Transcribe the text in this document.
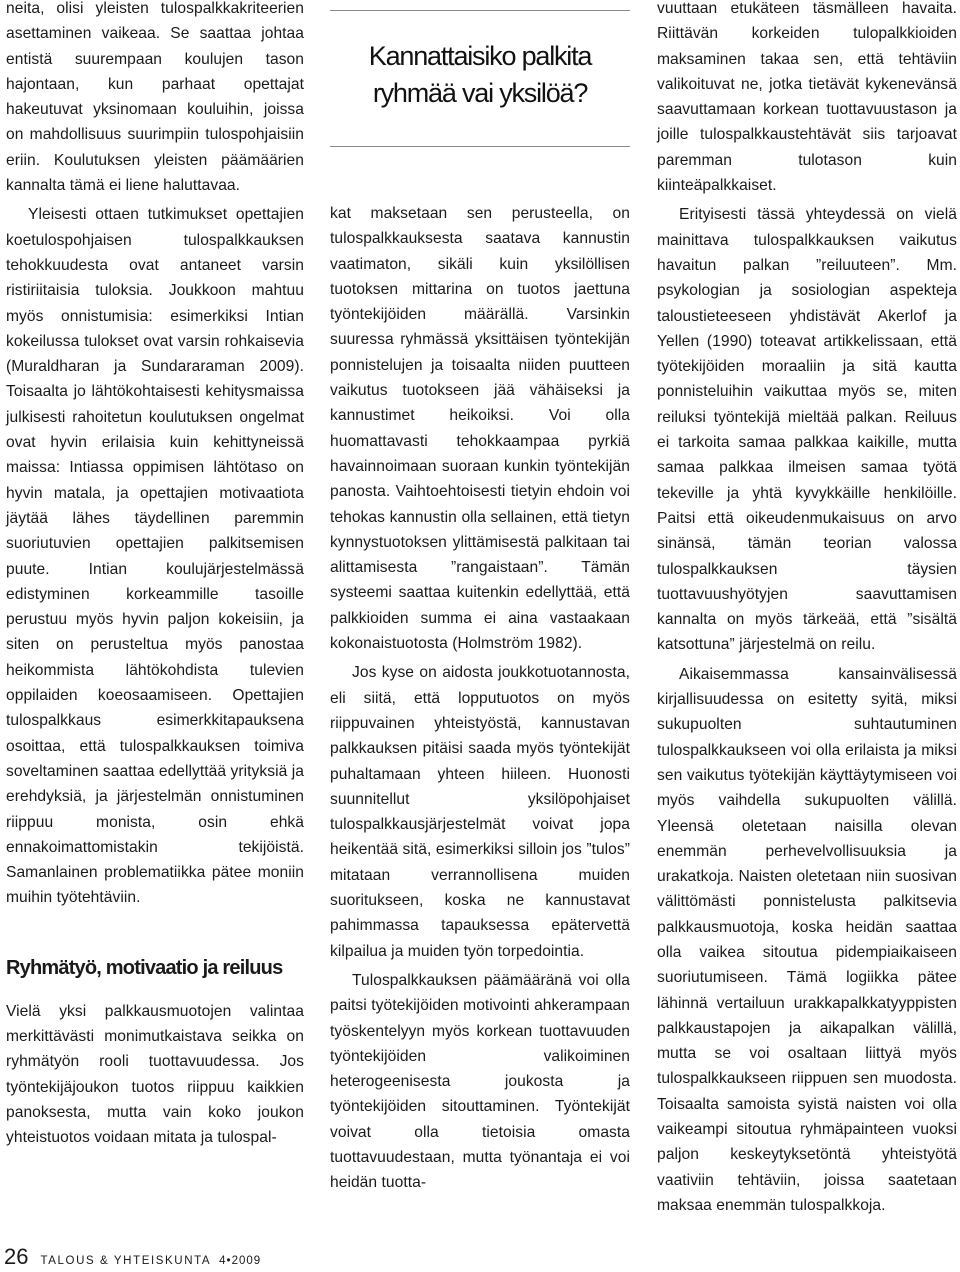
neita, olisi yleisten tulospalkkakriteerien asettaminen vaikeaa. Se saattaa johtaa entistä suurempaan koulujen tason hajontaan, kun parhaat opettajat hakeutuvat yksinomaan kouluihin, joissa on mahdollisuus suurimpiin tulospohjaisiin eriin. Koulutuksen yleisten päämäärien kannalta tämä ei liene haluttavaa.

Yleisesti ottaen tutkimukset opettajien koetulospohjaisen tulospalkkauksen tehokkuudesta ovat antaneet varsin ristiriitaisia tuloksia. Joukkoon mahtuu myös onnistumisia: esimerkiksi Intian kokeilussa tulokset ovat varsin rohkaisevia (Muraldharan ja Sundararaman 2009). Toisaalta jo lähtökohtaisesti kehitysmaissa julkisesti rahoitetun koulutuksen ongelmat ovat hyvin erilaisia kuin kehittyneissä maissa: Intiassa oppimisen lähtötaso on hyvin matala, ja opettajien motivaatiota jäytää lähes täydellinen paremmin suoriutuvien opettajien palkitsemisen puute. Intian koulujärjestelmässä edistyminen korkeammille tasoille perustuu myös hyvin paljon kokeisiin, ja siten on perusteltua myös panostaa heikommista lähtökohdista tulevien oppilaiden koeosaamiseen. Opettajien tulospalkkaus esimerkkitapauksena osoittaa, että tulospalkkauksen toimiva soveltaminen saattaa edellyttää yrityksiä ja erehdyksiä, ja järjestelmän onnistuminen riippuu monista, osin ehkä ennakoimattomistakin tekijöistä. Samanlainen problematiikka pätee moniin muihin työtehtäviin.

Ryhmätyö, motivaatio ja reiluus

Vielä yksi palkkausmuotojen valintaa merkittävästi monimutkaistava seikka on ryhmätyön rooli tuottavuudessa. Jos työntekijäjoukon tuotos riippuu kaikkien panoksesta, mutta vain koko joukon yhteistuotos voidaan mitata ja tulospal-

Kannattaisiko palkita
ryhmää vai yksilöä?

kat maksetaan sen perusteella, on tulospalkkauksesta saatava kannustin vaatimaton, sikäli kuin yksilöllisen tuotoksen mittarina on tuotos jaettuna työntekijöiden määrällä. Varsinkin suuressa ryhmässä yksittäisen työntekijän ponnistelujen ja toisaalta niiden puutteen vaikutus tuotokseen jää vähäiseksi ja kannustimet heikoiksi. Voi olla huomattavasti tehokkaampaa pyrkiä havainnoimaan suoraan kunkin työntekijän panosta. Vaihtoehtoisesti tietyin ehdoin voi tehokas kannustin olla sellainen, että tietyn kynnystuotoksen ylittämisestä palkitaan tai alittamisesta ”rangaistaan”. Tämän systeemi saattaa kuitenkin edellyttää, että palkkioiden summa ei aina vastaakaan kokonaistuotosta (Holmström 1982).

Jos kyse on aidosta joukkotuotannosta, eli siitä, että lopputuotos on myös riippuvainen yhteistyöstä, kannustavan palkkauksen pitäisi saada myös työntekijät puhaltamaan yhteen hiileen. Huonosti suunnitellut yksilöpohjaiset tulospalkkausjärjestelmät voivat jopa heikentää sitä, esimerkiksi silloin jos ”tulos” mitataan verrannollisena muiden suoritukseen, koska ne kannustavat pahimmassa tapauksessa epätervettä kilpailua ja muiden työn torpedointia.

Tulospalkkauksen päämääränä voi olla paitsi työtekijöiden motivointi ahkerampaan työskentelyyn myös korkean tuottavuuden työntekijöiden valikoiminen heterogeenisesta joukosta ja työntekijöiden sitouttaminen. Työntekijät voivat olla tietoisia omasta tuottavuudestaan, mutta työnantaja ei voi heidän tuotta-

vuuttaan etukäteen täsmälleen havaita. Riittävän korkeiden tulopalkkioiden maksaminen takaa sen, että tehtäviin valikoituvat ne, jotka tietävät kykenevänsä saavuttamaan korkean tuottavuustason ja joille tulospalkkaustehtävät siis tarjoavat paremman tulotason kuin kiinteäpalkkaiset.

Erityisesti tässä yhteydessä on vielä mainittava tulospalkkauksen vaikutus havaitun palkan ”reiluuteen”. Mm. psykologian ja sosiologian aspekteja taloustieteeseen yhdistävät Akerlof ja Yellen (1990) toteavat artikkelissaan, että työtekijöiden moraaliin ja sitä kautta ponnisteluihin vaikuttaa myös se, miten reiluksi työntekijä mieltää palkan. Reiluus ei tarkoita samaa palkkaa kaikille, mutta samaa palkkaa ilmeisen samaa työtä tekeville ja yhtä kyvykkäille henkilöille. Paitsi että oikeudenmukaisuus on arvo sinänsä, tämän teorian valossa tulospalkkauksen täysien tuottavuushyötyjen saavuttamisen kannalta on myös tärkeää, että ”sisältä katsottuna” järjestelmä on reilu.

Aikaisemmassa kansainvälisessä kirjallisuudessa on esitetty syitä, miksi sukupuolten suhtautuminen tulospalkkaukseen voi olla erilaista ja miksi sen vaikutus työtekijän käyttäytymiseen voi myös vaihdella sukupuolten välillä. Yleensä oletetaan naisilla olevan enemmän perhevelvollisuuksia ja urakatkoja. Naisten oletetaan niin suosivan välittömästi ponnistelusta palkitsevia palkkausmuotoja, koska heidän saattaa olla vaikea sitoutua pidempiaikaiseen suoriutumiseen. Tämä logiikka pätee lähinnä vertailuun urakkapalkkatyyppisten palkkaustapojen ja aikapalkan välillä, mutta se voi osaltaan liittyä myös tulospalkkaukseen riippuen sen muodosta. Toisaalta samoista syistä naisten voi olla vaikeampi sitoutua ryhmäpainteen vuoksi paljon keskeytyksetöntä yhteistyötä vaativiin tehtäviin, joissa saatetaan maksaa enemmän tulospalkkoja.

26 TALOUS & YHTEISKUNTA 4•2009
